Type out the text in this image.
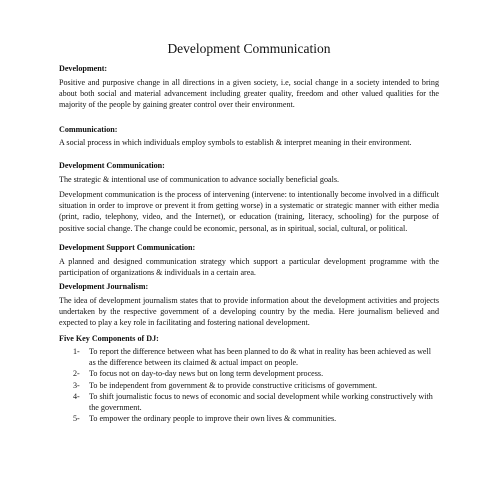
Development Communication

Development:

Positive and purposive change in all directions in a given society, i.e, social change in a society intended to bring about both social and material advancement including greater quality, freedom and other valued qualities for the majority of the people by gaining greater control over their environment.

Communication:

A social process in which individuals employ symbols to establish & interpret meaning in their environment.

Development Communication:

The strategic & intentional use of communication to advance socially beneficial goals.

Development communication is the process of intervening (intervene: to intentionally become involved in a difficult situation in order to improve or prevent it from getting worse) in a systematic or strategic manner with either media (print, radio, telephony, video, and the Internet), or education (training, literacy, schooling) for the purpose of positive social change. The change could be economic, personal, as in spiritual, social, cultural, or political.

Development Support Communication:

A planned and designed communication strategy which support a particular development programme with the participation of organizations & individuals in a certain area.

Development Journalism:

The idea of development journalism states that to provide information about the development activities and projects undertaken by the respective government of a developing country by the media. Here journalism believed and expected to play a key role in facilitating and fostering national development.

Five Key Components of DJ:

1-	To report the difference between what has been planned to do & what in reality has been achieved as well as the difference between its claimed & actual impact on people.
2-	To focus not on day-to-day news but on long term development process.
3-	To be independent from government & to provide constructive criticisms of government.
4-	To shift journalistic focus to news of economic and social development while working constructively with the government.
5-	To empower the ordinary people to improve their own lives & communities.
